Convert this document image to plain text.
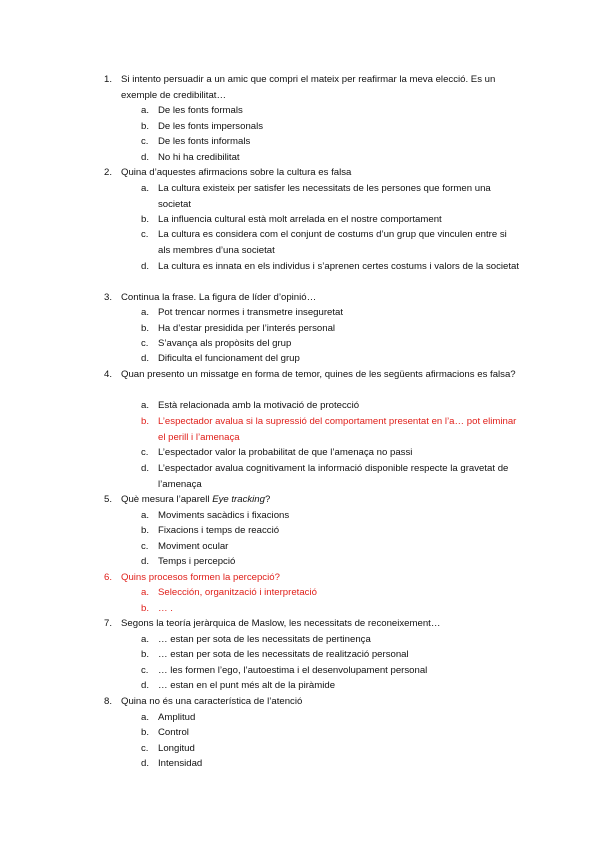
1. Si intento persuadir a un amic que compri el mateix per reafirmar la meva elecció. Es un exemple de credibilitat…
a. De les fonts formals
b. De les fonts impersonals
c. De les fonts informals
d. No hi ha credibilitat
2. Quina d’aquestes afirmacions sobre la cultura es falsa
a. La cultura existeix per satisfer les necessitats de les persones que formen una societat
b. La influencia cultural està molt arrelada en el nostre comportament
c. La cultura es considera com el conjunt de costums d’un grup que vinculen entre si als membres d’una societat
d. La cultura es innata en els individus i s’aprenen certes costums i valors de la societat
3. Continua la frase. La figura de líder d’opinió…
a. Pot trencar normes i transmetre inseguretat
b. Ha d’estar presidida per l’interés personal
c. S’avança als propòsits del grup
d. Dificulta el funcionament del grup
4. Quan presento un missatge en forma de temor, quines de les següents afirmacions es falsa?
a. Està relacionada amb la motivació de protecció
b. L’espectador avalua si la supressió del comportament presentat en l’a… pot eliminar el perill i l’amenaça
c. L’espectador valor la probabilitat de que l’amenaça no passi
d. L’espectador avalua cognitivament la informació disponible respecte la gravetat de l’amenaça
5. Què mesura l’aparell Eye tracking?
a. Moviments sacàdics i fixacions
b. Fixacions i temps de reacció
c. Moviment ocular
d. Temps i percepció
6. Quins procesos formen la percepció?
a. Selección, organització i interpretació
b. … .
7. Segons la teoría jeràrquica de Maslow, les necessitats de reconeixement…
a. … estan per sota de les necessitats de pertinença
b. … estan per sota de les necessitats de realització personal
c. … les formen l’ego, l’autoestima i el desenvolupament personal
d. … estan en el punt més alt de la piràmide
8. Quina no és una característica de l’atenció
a. Amplitud
b. Control
c. Longitud
d. Intensidad
